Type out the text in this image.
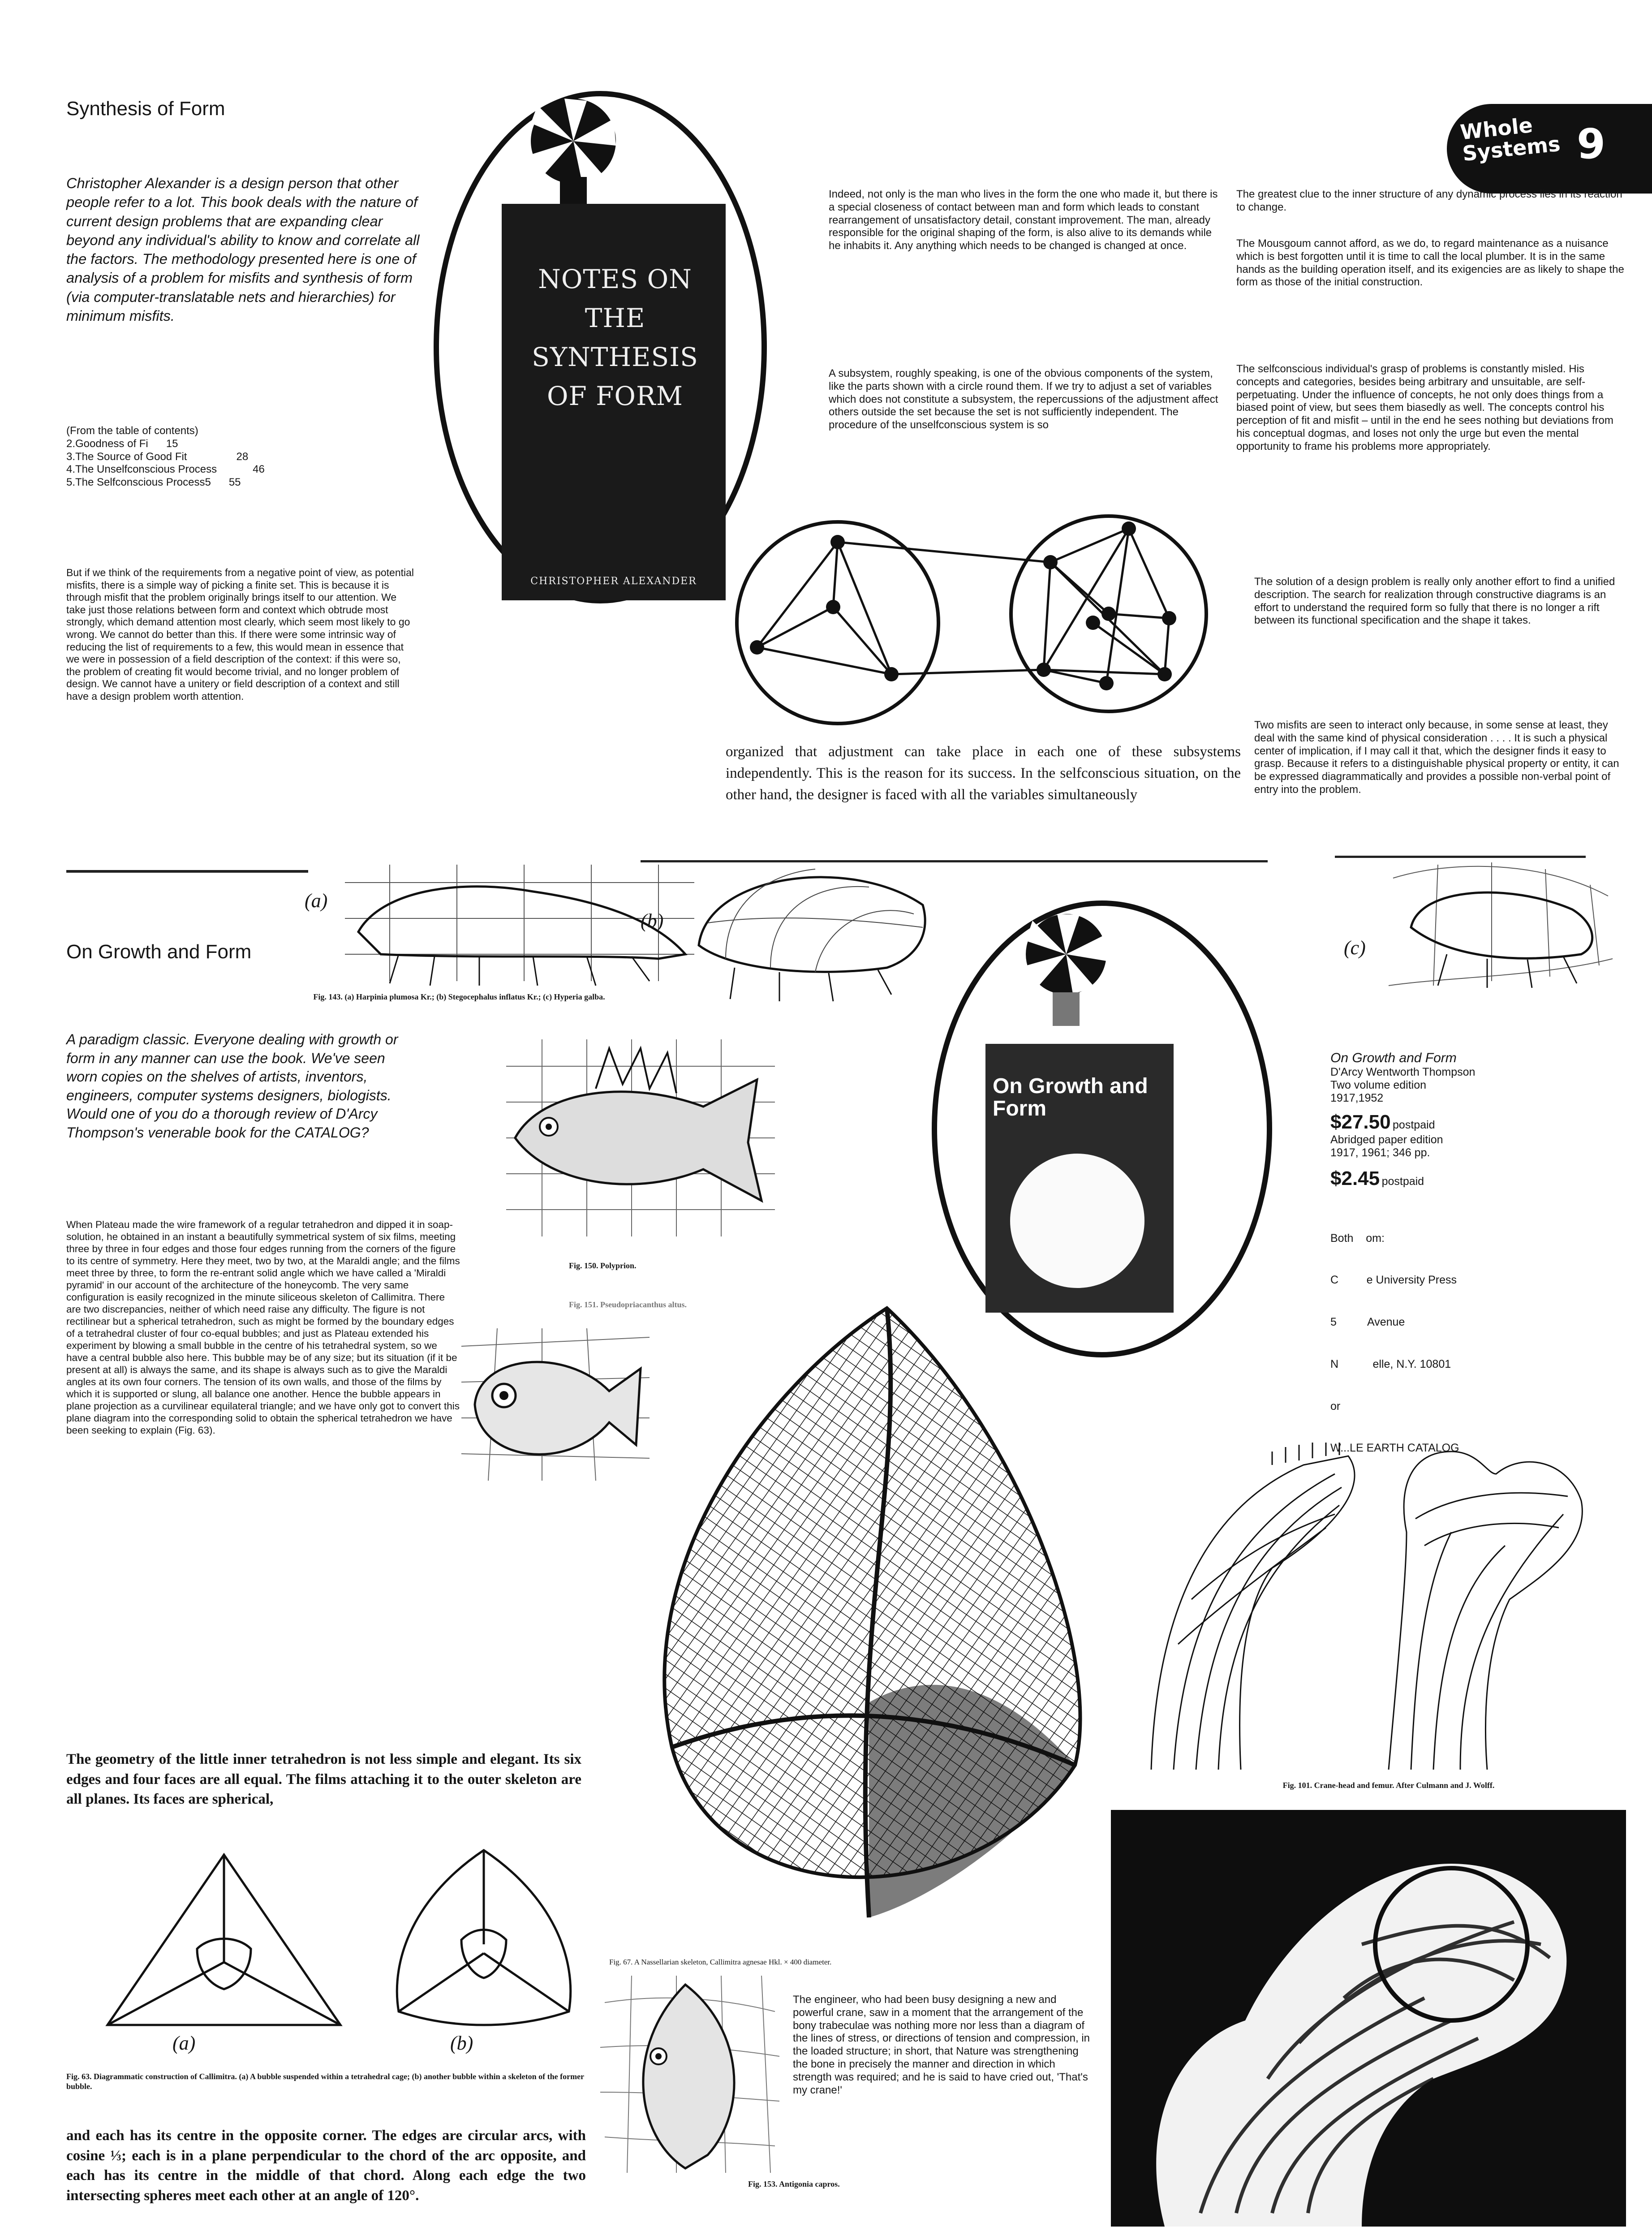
Whole
Systems 9
Synthesis of Form

Christopher Alexander is a design person that other people refer to a lot. This book deals with the nature of current design problems that are expanding clear beyond any individual's ability to know and correlate all the factors. The methodology presented here is one of analysis of a problem for misfits and synthesis of form (via computer-translatable nets and hierarchies) for minimum misfits.

(From the table of contents)
2.Goodness of Fi 15
3.The Source of Good Fit	28
4.The Unselfconscious Process	46
5.The Selfconscious Process5 55

But if we think of the requirements from a negative point of view, as potential misfits, there is a simple way of picking a finite set. This is because it is through misfit that the problem originally brings itself to our attention. We take just those relations between form and context which obtrude most strongly, which demand attention most clearly, which seem most likely to go wrong. We cannot do better than this. If there were some intrinsic way of reducing the list of requirements to a few, this would mean in essence that we were in possession of a field description of the context: if this were so, the problem of creating fit would become trivial, and no longer problem of design. We cannot have a unitery or field description of a context and still have a design problem worth attention.

NOTES ON THE SYNTHESIS OF FORM
CHRISTOPHER ALEXANDER

Indeed, not only is the man who lives in the form the one who made it, but there is a special closeness of contact between man and form which leads to constant rearrangement of unsatisfactory detail, constant improvement. The man, already responsible for the original shaping of the form, is also alive to its demands while he inhabits it. Any anything which needs to be changed is changed at once.

A subsystem, roughly speaking, is one of the obvious components of the system, like the parts shown with a circle round them. If we try to adjust a set of variables which does not constitute a subsystem, the repercussions of the adjustment affect others outside the set because the set is not sufficiently independent. The procedure of the unselfconscious system is so

organized that adjustment can take place in each one of these subsystems independently. This is the reason for its success. In the selfconscious situation, on the other hand, the designer is faced with all the variables simultaneously

The greatest clue to the inner structure of any dynamic process lies in its reaction to change.

The Mousgoum cannot afford, as we do, to regard maintenance as a nuisance which is best forgotten until it is time to call the local plumber. It is in the same hands as the building operation itself, and its exigencies are as likely to shape the form as those of the initial construction.

The selfconscious individual's grasp of problems is constantly misled. His concepts and categories, besides being arbitrary and unsuitable, are self-perpetuating. Under the influence of concepts, he not only does things from a biased point of view, but sees them biasedly as well. The concepts control his perception of fit and misfit – until in the end he sees nothing but deviations from his conceptual dogmas, and loses not only the urge but even the mental opportunity to frame his problems more appropriately.

The solution of a design problem is really only another effort to find a unified description. The search for realization through constructive diagrams is an effort to understand the required form so fully that there is no longer a rift between its functional specification and the shape it takes.

Two misfits are seen to interact only because, in some sense at least, they deal with the same kind of physical consideration . . . . It is such a physical center of implication, if I may call it that, which the designer finds it easy to grasp. Because it refers to a distinguishable physical property or entity, it can be expressed diagrammatically and provides a possible non-verbal point of entry into the problem.

On Growth and Form
(a)
(b)
(c)
Fig. 143. (a) Harpinia plumosa Kr.; (b) Stegocephalus inflatus Kr.; (c) Hyperia galba.

A paradigm classic. Everyone dealing with growth or form in any manner can use the book. We've seen worn copies on the shelves of artists, inventors, engineers, computer systems designers, biologists. Would one of you do a thorough review of D'Arcy Thompson's venerable book for the CATALOG?

When Plateau made the wire framework of a regular tetrahedron and dipped it in soap-solution, he obtained in an instant a beautifully symmetrical system of six films, meeting three by three in four edges and those four edges running from the corners of the figure to its centre of symmetry. Here they meet, two by two, at the Maraldi angle; and the films meet three by three, to form the re-entrant solid angle which we have called a 'Miraldi pyramid' in our account of the architecture of the honeycomb. The very same configuration is easily recognized in the minute siliceous skeleton of Callimitra. There are two discrepancies, neither of which need raise any difficulty. The figure is not rectilinear but a spherical tetrahedron, such as might be formed by the boundary edges of a tetrahedral cluster of four co-equal bubbles; and just as Plateau extended his experiment by blowing a small bubble in the centre of his tetrahedral system, so we have a central bubble also here. This bubble may be of any size; but its situation (if it be present at all) is always the same, and its shape is always such as to give the Maraldi angles at its own four corners. The tension of its own walls, and those of the films by which it is supported or slung, all balance one another. Hence the bubble appears in plane projection as a curvilinear equilateral triangle; and we have only got to convert this plane diagram into the corresponding solid to obtain the spherical tetrahedron we have been seeking to explain (Fig. 63).

Fig. 150. Polyprion.
Fig. 151. Pseudopriacanthus altus.
On Growth and Form
On Growth and Form
D'Arcy Wentworth Thompson
Two volume edition
1917,1952
$27.50 postpaid
Abridged paper edition
1917, 1961; 346 pp.
$2.45 postpaid

Both    om:

C         e University Press

5          Avenue

N           elle, N.Y. 10801

or

W...LE EARTH CATALOG

Fig. 67. A Nassellarian skeleton, Callimitra agnesae Hkl. × 400 diameter.
Fig. 101. Crane-head and femur. After Culmann and J. Wolff.

The geometry of the little inner tetrahedron is not less simple and elegant. Its six edges and four faces are all equal. The films attaching it to the outer skeleton are all planes. Its faces are spherical,

(a)	(b)
Fig. 63. Diagrammatic construction of Callimitra. (a) A bubble suspended within a tetrahedral cage; (b) another bubble within a skeleton of the former bubble.

and each has its centre in the opposite corner. The edges are circular arcs, with cosine ⅓; each is in a plane perpendicular to the chord of the arc opposite, and each has its centre in the middle of that chord. Along each edge the two intersecting spheres meet each other at an angle of 120°.

Fig. 153. Antigonia capros.

The engineer, who had been busy designing a new and powerful crane, saw in a moment that the arrangement of the bony trabeculae was nothing more nor less than a diagram of the lines of stress, or directions of tension and compression, in the loaded structure; in short, that Nature was strengthening the bone in precisely the manner and direction in which strength was required; and he is said to have cried out, 'That's my crane!'
